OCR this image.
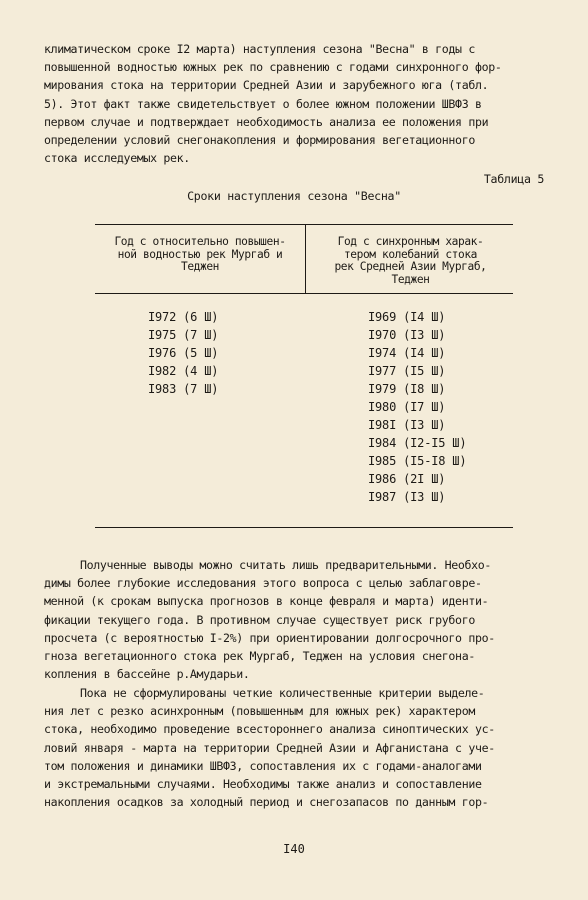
климатическом сроке I2 марта) наступления сезона "Весна" в годы с
повышенной водностью южных рек по сравнению с годами синхронного фор-
мирования стока на территории Средней Азии и зарубежного юга (табл.
5). Этот факт также свидетельствует о более южном положении ШВФЗ в
первом случае и подтверждает необходимость анализа ее положения при
определении условий снегонакопления и формирования вегетационного
стока исследуемых рек.
Таблица 5
Сроки наступления сезона "Весна"
Год с относительно повышен-
ной водностью рек Мургаб и
Теджен
Год с синхронным харак-
тером колебаний стока
рек Средней Азии Мургаб,
Теджен
I972 (6 Ш)
I975 (7 Ш)
I976 (5 Ш)
I982 (4 Ш)
I983 (7 Ш)
I969 (I4 Ш)
I970 (I3 Ш)
I974 (I4 Ш)
I977 (I5 Ш)
I979 (I8 Ш)
I980 (I7 Ш)
I98I (I3 Ш)
I984 (I2-I5 Ш)
I985 (I5-I8 Ш)
I986 (2I Ш)
I987 (I3 Ш)
Полученные выводы можно считать лишь предварительными. Необхо-
димы более глубокие исследования этого вопроса с целью заблаговре-
менной (к срокам выпуска прогнозов в конце февраля и марта) иденти-
фикации текущего года. В противном случае существует риск грубого
просчета (с вероятностью I-2%) при ориентировании долгосрочного про-
гноза вегетационного стока рек Мургаб, Теджен на условия снегона-
копления в бассейне р.Амударьи.
Пока не сформулированы четкие количественные критерии выделе-
ния лет с резко асинхронным (повышенным для южных рек) характером
стока, необходимо проведение всестороннего анализа синоптических ус-
ловий января - марта на территории Средней Азии и Афганистана с уче-
том положения и динамики ШВФЗ, сопоставления их с годами-аналогами
и экстремальными случаями. Необходимы также анализ и сопоставление
накопления осадков за холодный период и снегозапасов по данным гор-
I40
